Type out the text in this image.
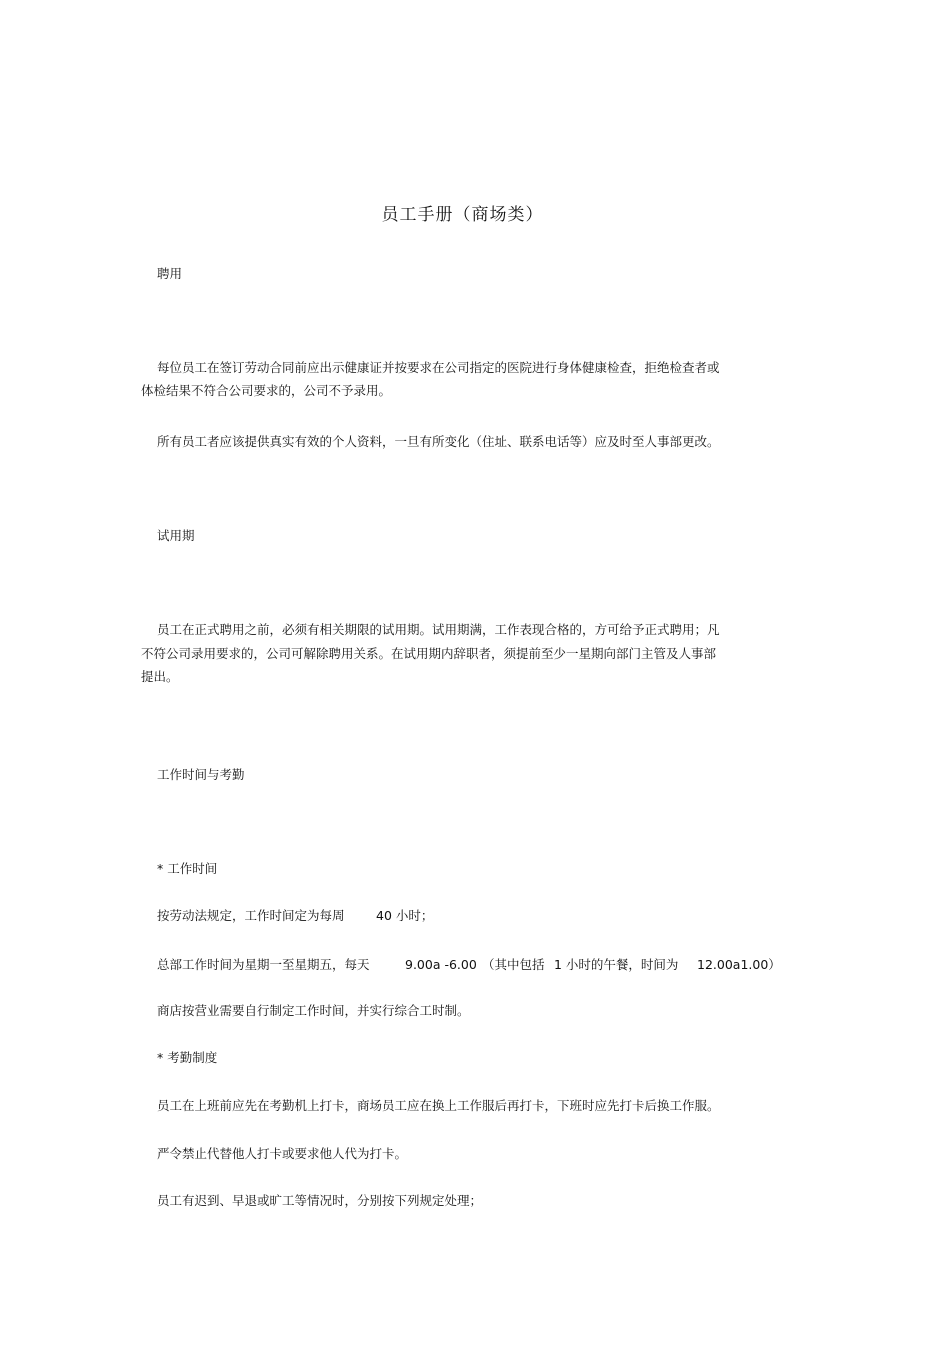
员工手册（商场类）
聘用
每位员工在签订劳动合同前应出示健康证并按要求在公司指定的医院进行身体健康检查，拒绝检查者或
体检结果不符合公司要求的，公司不予录用。
所有员工者应该提供真实有效的个人资料，一旦有所变化（住址、联系电话等）应及时至人事部更改。
试用期
员工在正式聘用之前，必须有相关期限的试用期。试用期满，工作表现合格的，方可给予正式聘用；凡
不符公司录用要求的，公司可解除聘用关系。在试用期内辞职者，须提前至少一星期向部门主管及人事部
提出。
工作时间与考勤
* 工作时间
按劳动法规定，工作时间定为每周	40 小时；
总部工作时间为星期一至星期五，每天	9.00a -6.00 （其中包括 1 小时的午餐，时间为 12.00a1.00）
商店按营业需要自行制定工作时间，并实行综合工时制。
* 考勤制度
员工在上班前应先在考勤机上打卡，商场员工应在换上工作服后再打卡，下班时应先打卡后换工作服。
严令禁止代替他人打卡或要求他人代为打卡。
员工有迟到、早退或旷工等情况时，分别按下列规定处理；
